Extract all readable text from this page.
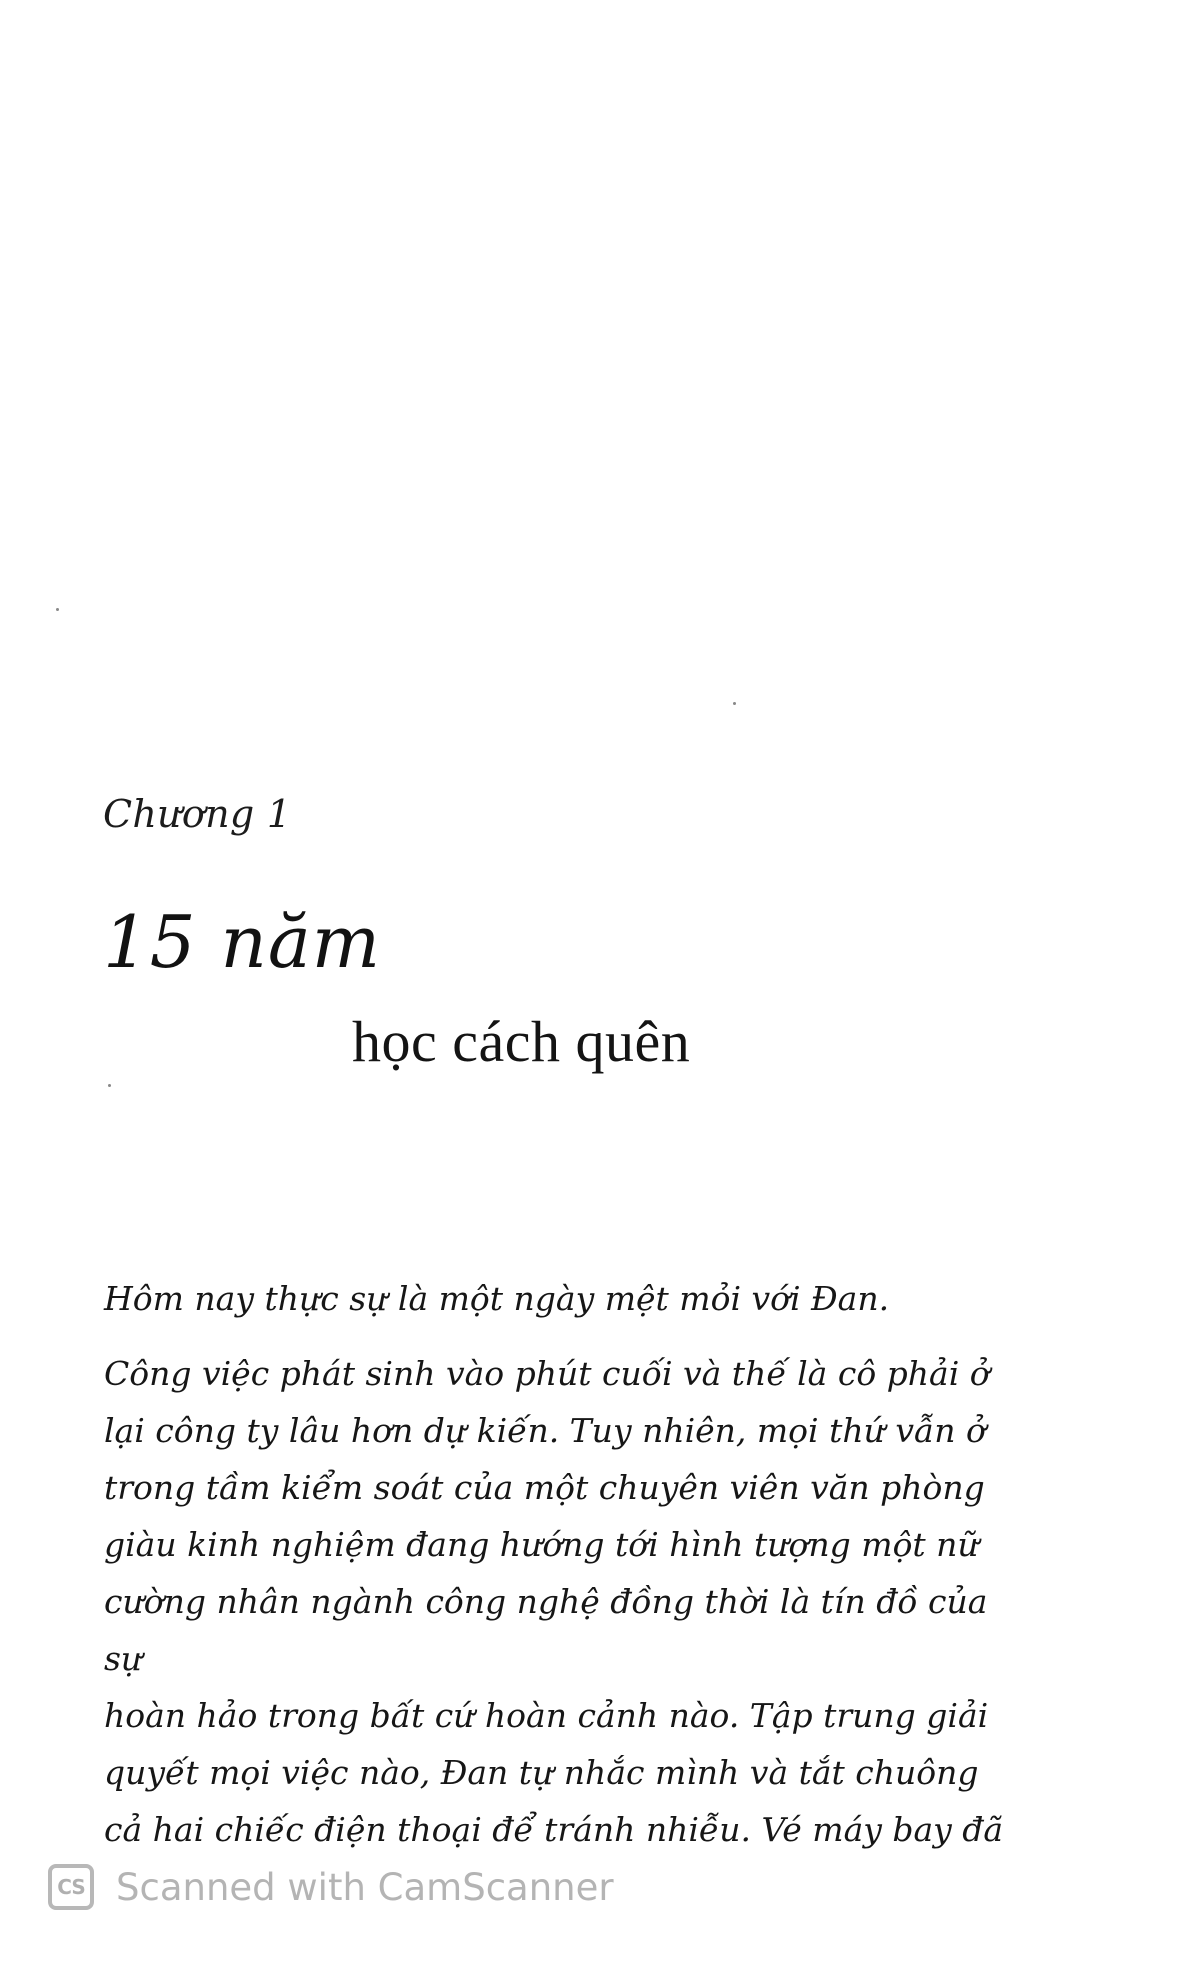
Chương 1
15 năm
học cách quên

Hôm nay thực sự là một ngày mệt mỏi với Đan.

Công việc phát sinh vào phút cuối và thế là cô phải ở
lại công ty lâu hơn dự kiến. Tuy nhiên, mọi thứ vẫn ở
trong tầm kiểm soát của một chuyên viên văn phòng
giàu kinh nghiệm đang hướng tới hình tượng một nữ
cường nhân ngành công nghệ đồng thời là tín đồ của sự
hoàn hảo trong bất cứ hoàn cảnh nào. Tập trung giải
quyết mọi việc nào, Đan tự nhắc mình và tắt chuông
cả hai chiếc điện thoại để tránh nhiễu. Vé máy bay đã
CS Scanned with CamScanner
